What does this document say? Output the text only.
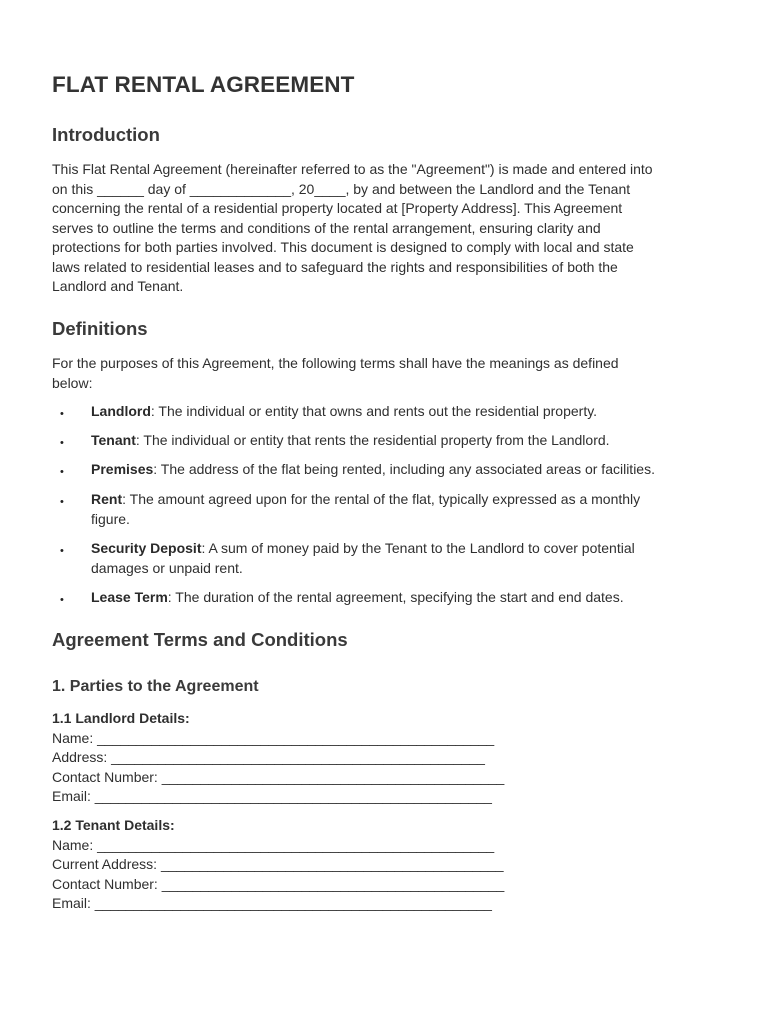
FLAT RENTAL AGREEMENT
Introduction

This Flat Rental Agreement (hereinafter referred to as the "Agreement") is made and entered into
on this ______ day of _____________, 20____, by and between the Landlord and the Tenant
concerning the rental of a residential property located at [Property Address]. This Agreement
serves to outline the terms and conditions of the rental arrangement, ensuring clarity and
protections for both parties involved. This document is designed to comply with local and state
laws related to residential leases and to safeguard the rights and responsibilities of both the
Landlord and Tenant.

Definitions

For the purposes of this Agreement, the following terms shall have the meanings as defined
below:

• Landlord: The individual or entity that owns and rents out the residential property.
• Tenant: The individual or entity that rents the residential property from the Landlord.
• Premises: The address of the flat being rented, including any associated areas or facilities.
• Rent: The amount agreed upon for the rental of the flat, typically expressed as a monthly
figure.
• Security Deposit: A sum of money paid by the Tenant to the Landlord to cover potential
damages or unpaid rent.
• Lease Term: The duration of the rental agreement, specifying the start and end dates.
Agreement Terms and Conditions
1. Parties to the Agreement

1.1 Landlord Details:

Name: ___________________________________________________
Address: ________________________________________________
Contact Number: ____________________________________________
Email: ___________________________________________________

1.2 Tenant Details:

Name: ___________________________________________________
Current Address: ____________________________________________
Contact Number: ____________________________________________
Email: ___________________________________________________
